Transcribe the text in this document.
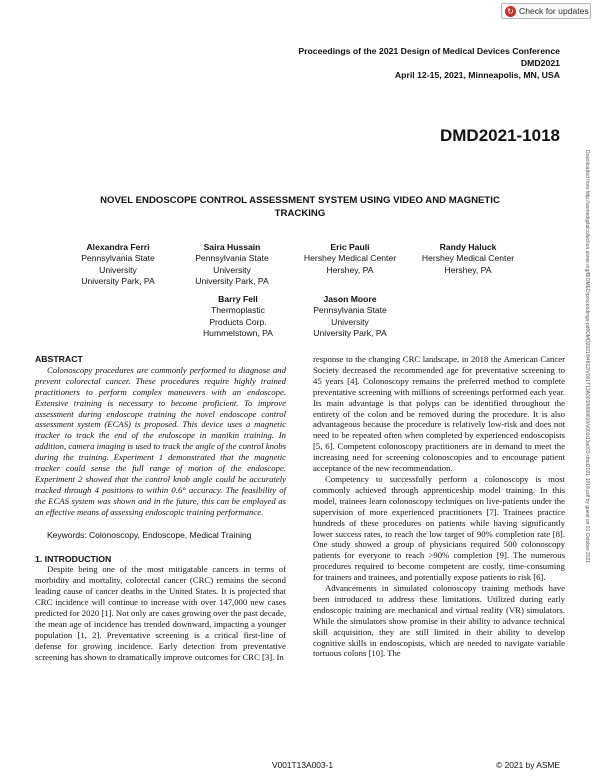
↻ Check for updates
Proceedings of the 2021 Design of Medical Devices Conference
DMD2021
April 12-15, 2021, Minneapolis, MN, USA
DMD2021-1018
NOVEL ENDOSCOPE CONTROL ASSESSMENT SYSTEM USING VIDEO AND MAGNETIC
TRACKING
Alexandra Ferri
Pennsylvania State
University
University Park, PA
Saira Hussain
Pennsylvania State
University
University Park, PA
Eric Pauli
Hershey Medical Center
Hershey, PA
Randy Haluck
Hershey Medical Center
Hershey, PA
Barry Fell
Thermoplastic
Products Corp.
Hummelstown, PA
Jason Moore
Pennsylvania State
University
University Park, PA	Downloaded from http://asmedigitalcollection.asme.org/BIOMED/proceedings-pdf/DMD2021/84812/V001T13A003/6699610/v001t13a003-dmd2021-1018.pdf by guest on 01 October 2021
ABSTRACT

Colonoscopy procedures are commonly performed to diagnose and prevent colorectal cancer. These procedures require highly trained practitioners to perform complex maneuvers with an endoscope. Extensive training is necessary to become proficient. To improve assessment during endoscope training the novel endoscope control assessment system (ECAS) is proposed. This device uses a magnetic tracker to track the end of the endoscope in manikin training. In addition, camera imaging is used to track the angle of the control knobs during the training. Experiment 1 demonstrated that the magnetic tracker could sense the full range of motion of the endoscope. Experiment 2 showed that the control knob angle could be accurately tracked through 4 positions to within 0.6° accuracy. The feasibility of the ECAS system was shown and in the future, this can be employed as an effective means of assessing endoscopic training performance.

Keywords: Colonoscopy, Endoscope, Medical Training

1. INTRODUCTION

Despite being one of the most mitigatable cancers in terms of morbidity and mortality, colorectal cancer (CRC) remains the second leading cause of cancer deaths in the United States. It is projected that CRC incidence will continue to increase with over 147,000 new cases predicted for 2020 [1]. Not only are cases growing over the past decade, the mean age of incidence has trended downward, impacting a younger population [1, 2]. Preventative screening is a critical first-line of defense for growing incidence. Early detection from preventative screening has shown to dramatically improve outcomes for CRC [3]. In

response to the changing CRC landscape, in 2018 the American Cancer Society decreased the recommended age for preventative screening to 45 years [4]. Colonoscopy remains the preferred method to complete preventative screening with millions of screenings performed each year. Its main advantage is that polyps can be identified throughout the entirety of the colon and be removed during the procedure. It is also advantageous because the procedure is relatively low-risk and does not need to be repeated often when completed by experienced endoscopists [5, 6]. Competent colonoscopy practitioners are in demand to meet the increasing need for screening colonoscopies and to encourage patient acceptance of the new recommendation.

Competency to successfully perform a colonoscopy is most commonly achieved through apprenticeship model training. In this model, trainees learn colonoscopy techniques on live-patients under the supervision of more experienced practitioners [7]. Trainees practice hundreds of these procedures on patients while having significantly lower success rates, to reach the low target of 90% completion rate [8]. One study showed a group of physicians required 500 colonoscopy patients for everyone to reach >90% completion [9]. The numerous procedures required to become competent are costly, time-consuming for trainers and trainees, and potentially expose patients to risk [6].

Advancements in simulated colonoscopy training methods have been introduced to address these limitations. Utilized during early endoscopic training are mechanical and virtual reality (VR) simulators. While the simulators show promise in their ability to advance technical skill acquisition, they are still limited in their ability to develop cognitive skills in endoscopists, which are needed to navigate variable tortuous colons [10]. The

V001T13A003-1	© 2021 by ASME
